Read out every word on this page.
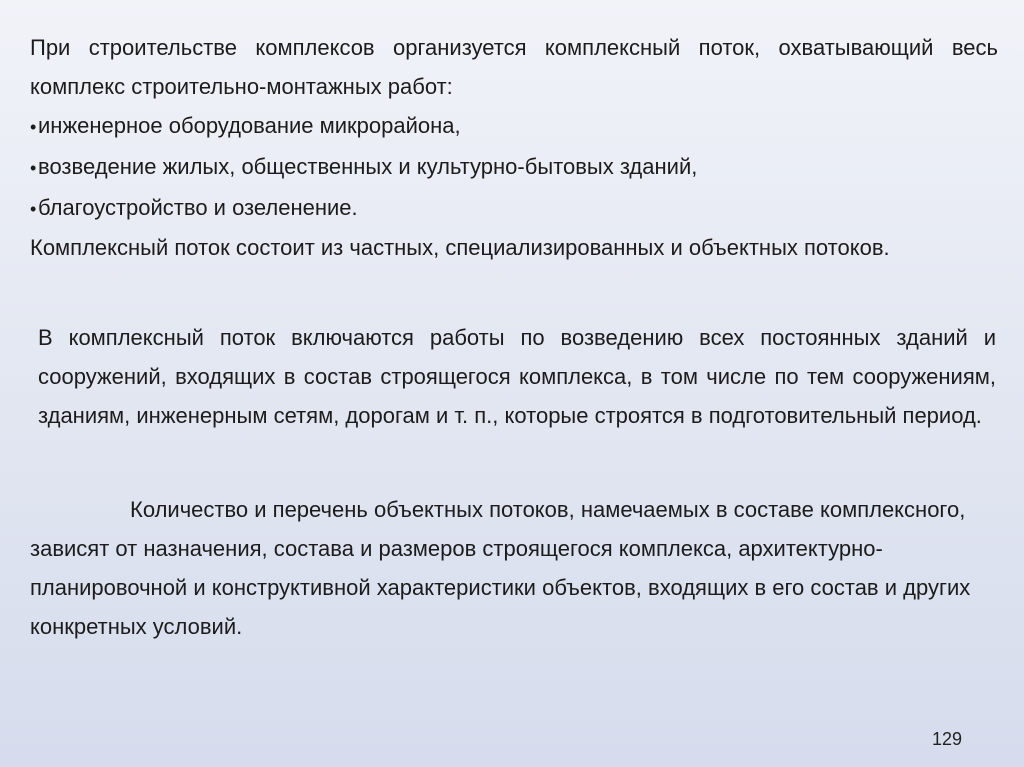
При строительстве комплексов организуется комплексный поток, охватывающий весь комплекс строительно-монтажных работ:

•инженерное оборудование микрорайона,
•возведение жилых, общественных и культурно-бытовых зданий,
•благоустройство и озеленение.

Комплексный поток состоит из частных, специализированных и объектных потоков.

В комплексный поток включаются работы по возведению всех постоянных зданий и сооружений, входящих в состав строящегося комплекса, в том числе по тем сооружениям, зданиям, инженерным сетям, дорогам и т. п., которые строятся в подготовительный период.

Количество и перечень объектных потоков, намечаемых в составе комплексного, зависят от назначения, состава и размеров строящегося комплекса, архитектурно-планировочной и конструктивной характеристики объектов, входящих в его состав и других конкретных условий.

129
